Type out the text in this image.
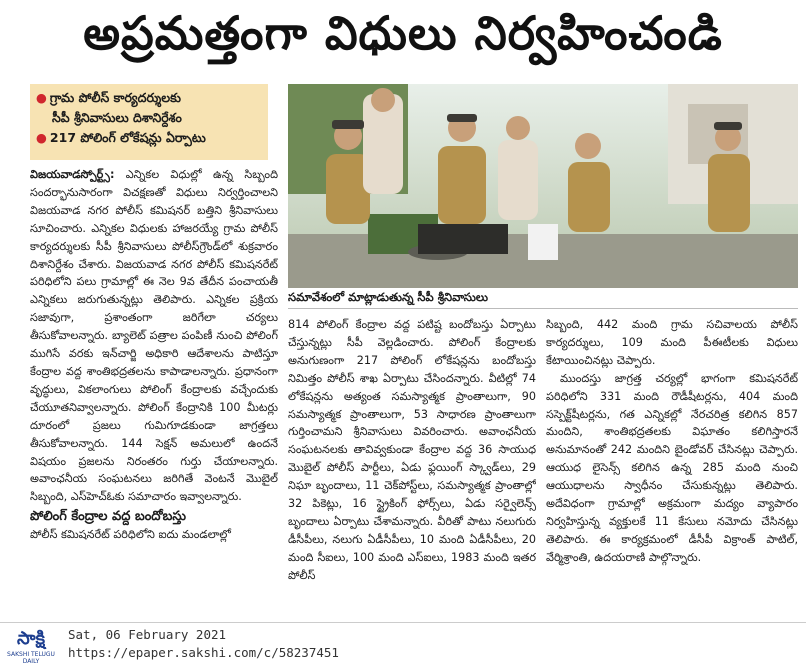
అప్రమత్తంగా విధులు నిర్వహించండి
● గ్రామ పోలీస్ కార్యదర్శులకు
సీపీ శ్రీనివాసులు దిశానిర్దేశం
● 217 పోలింగ్ లోకేషన్లు ఏర్పాటు
సమావేశంలో మాట్లాడుతున్న సీపీ శ్రీనివాసులు

విజయవాడస్పోర్ట్స్: ఎన్నికల విధుల్లో ఉన్న సిబ్బంది సందర్భానుసారంగా విచక్షణతో విధులు నిర్వర్తించాలని విజయవాడ నగర పోలీస్ కమిషనర్ బత్తిని శ్రీనివాసులు సూచించారు. ఎన్నికల విధులకు హాజరయ్యే గ్రామ పోలీస్ కార్యదర్శులకు సీపీ శ్రీనివాసులు పోలీస్‌గ్రౌండ్‌లో శుక్రవారం దిశానిర్దేశం చేశారు. విజయవాడ నగర పోలీస్ కమిషనరేట్ పరిధిలోని పలు గ్రామాల్లో ఈ నెల 9వ తేదీన పంచాయతీ ఎన్నికలు జరుగుతున్నట్లు తెలిపారు. ఎన్నికల ప్రక్రియ సజావుగా, ప్రశాంతంగా జరిగేలా చర్యలు తీసుకోవాలన్నారు. బ్యాలెట్ పత్రాల పంపిణీ నుంచి పోలింగ్ ముగిసే వరకు ఇన్‌చార్జి అధికారి ఆదేశాలను పాటిస్తూ కేంద్రాల వద్ద శాంతిభద్రతలను కాపాడాలన్నారు. ప్రధానంగా వృద్ధులు, వికలాంగులు పోలింగ్ కేంద్రాలకు వచ్చేందుకు చేయూతనివ్వాలన్నారు. పోలింగ్ కేంద్రానికి 100 మీటర్లు దూరంలో ప్రజలు గుమిగూడకుండా జాగ్రత్తలు తీసుకోవాలన్నారు. 144 సెక్షన్ అమలులో ఉందనే విషయం ప్రజలను నిరంతరం గుర్తు చేయాలన్నారు. అవాంఛనీయ సంఘటనలు జరిగితే వెంటనే మొబైల్ సిబ్బంది, ఎస్‌హెచ్‌ఓకు సమాచారం ఇవ్వాలన్నారు.

పోలింగ్ కేంద్రాల వద్ద బందోబస్తు

పోలీస్ కమిషనరేట్ పరిధిలోని ఐదు మండలాల్లో

814 పోలింగ్ కేంద్రాల వద్ద పటిష్ట బందోబస్తు ఏర్పాటు చేస్తున్నట్లు సీపీ వెల్లడించారు. పోలింగ్ కేంద్రాలకు అనుగుణంగా 217 పోలింగ్ లోకేషన్లను బందోబస్తు నిమిత్తం పోలీస్ శాఖ ఏర్పాటు చేసిందన్నారు. వీటిల్లో 74 లోకేషన్లను అత్యంత సమస్యాత్మక ప్రాంతాలుగా, 90 సమస్యాత్మక ప్రాంతాలుగా, 53 సాధారణ ప్రాంతాలుగా గుర్తించామని శ్రీనివాసులు వివరించారు. అవాంఛనీయ సంఘటనలకు తావివ్వకుండా కేంద్రాల వద్ద 36 సాయుధ మొబైల్ పోలీస్ పార్టీలు, ఏడు ఫ్లయింగ్ స్క్వాడ్‌లు, 29 నిఘా బృందాలు, 11 చెక్‌పోస్ట్‌లు, సమస్యాత్మక ప్రాంతాల్లో 32 పికెట్లు, 16 స్ట్రైకింగ్ ఫోర్స్‌లు, ఏడు సర్వైలెన్స్ బృందాలు ఏర్పాటు చేశామన్నారు. వీరితో పాటు నలుగురు డీసీపీలు, నలుగు ఏడీసీపీలు, 10 మంది ఏడీసీపీలు, 20 మంది సీఐలు, 100 మంది ఎస్ఐలు, 1983 మంది ఇతర పోలీస్

సిబ్బంది, 442 మంది గ్రామ సచివాలయ పోలీస్ కార్యదర్శులు, 109 మంది పీఈటీలకు విధులు కేటాయించినట్లు చెప్పారు.

ముందస్తు జాగ్రత్త చర్యల్లో భాగంగా కమిషనరేట్ పరిధిలోని 331 మంది రౌడీషీటర్లను, 404 మంది సస్పెక్ట్‌షీటర్లను, గత ఎన్నికల్లో నేరచరిత్ర కలిగిన 857 మందిని, శాంతిభద్రతలకు విఘాతం కలిగిస్తారనే అనుమానంతో 242 మందిని బైండోవర్ చేసినట్లు చెప్పారు. ఆయుధ లైసెన్స్ కలిగిన ఉన్న 285 మంది నుంచి ఆయుధాలను స్వాధీనం చేసుకున్నట్లు తెలిపారు. అదేవిధంగా గ్రామాల్లో అక్రమంగా మద్యం వ్యాపారం నిర్వహిస్తున్న వ్యక్తులకే 11 కేసులు నమోదు చేసినట్లు తెలిపారు. ఈ కార్యక్రమంలో డీసీపీ విక్రాంత్ పాటిల్, వేర్మిశ్రాంతి, ఉదయరాణి పాల్గొన్నారు.

సాక్షి
SAKSHI TELUGU DAILY
Sat, 06 February 2021
https://epaper.sakshi.com/c/58237451
